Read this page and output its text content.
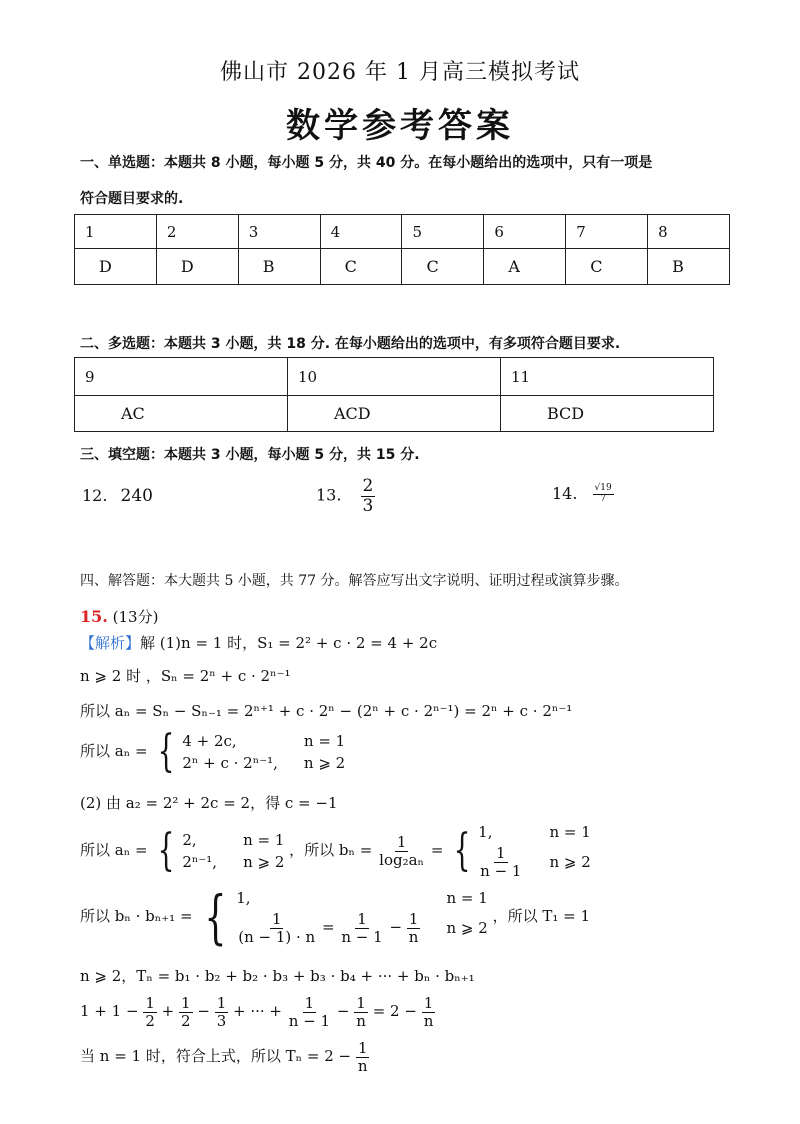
佛山市 2026 年 1 月高三模拟考试
数学参考答案
一、单选题：本题共 8 小题，每小题 5 分，共 40 分。在每小题给出的选项中，只有一项是
符合题目要求的.
1	2	3	4	5	6	7	8
D	D	B	C	C	A	C	B
二、多选题：本题共 3 小题，共 18 分. 在每小题给出的选项中，有多项符合题目要求.
9	10	11
AC	ACD	BCD
三、填空题：本题共 3 小题，每小题 5 分，共 15 分.
12. 240	13. $\frac{2}{3}$	14. $\frac{√19}{7}$
四、解答题：本大题共 5 小题，共 77 分。解答应写出文字说明、证明过程或演算步骤。
15. (13分)
【解析】解 (1)n = 1 时，S₁ = 2² + c · 2 = 4 + 2c
n ⩾ 2 时 ，Sₙ = 2ⁿ + c · 2ⁿ⁻¹
所以 aₙ = Sₙ − Sₙ₋₁ = 2ⁿ⁺¹ + c · 2ⁿ − (2ⁿ + c · 2ⁿ⁻¹) = 2ⁿ + c · 2ⁿ⁻¹
所以 aₙ = { 4 + 2c,	n = 1
2ⁿ + c · 2ⁿ⁻¹, n ⩾ 2
(2) 由 a₂ = 2² + 2c = 2，得 c = −1
所以 aₙ = { 2,	n = 1
2ⁿ⁻¹, n ⩾ 2
，所以 $b_n = \frac{1}{\text{log₂aₙ}}$ = { 1,	n = 1
$\frac{1}{n - 1}$ n ⩾ 2
所以 bₙ · bₙ₊₁ = { 1,	n = 1
$\frac{1}{(n - 1) \cdot n} = \frac{1}{n - 1} - \frac{1}{n}$ n ⩾ 2
，所以 T₁ = 1
n ⩾ 2，Tₙ = b₁ · b₂ + b₂ · b₃ + b₃ · b₄ + ··· + bₙ · bₙ₊₁
$1 + 1 - \frac{1}{2} + \frac{1}{2} - \frac{1}{3}$ + ··· + $\frac{1}{n - 1} - \frac{1}{n} = 2 - \frac{1}{n}$
当 n = 1 时，符合上式，所以 $T_n = 2 - \frac{1}{n}$
